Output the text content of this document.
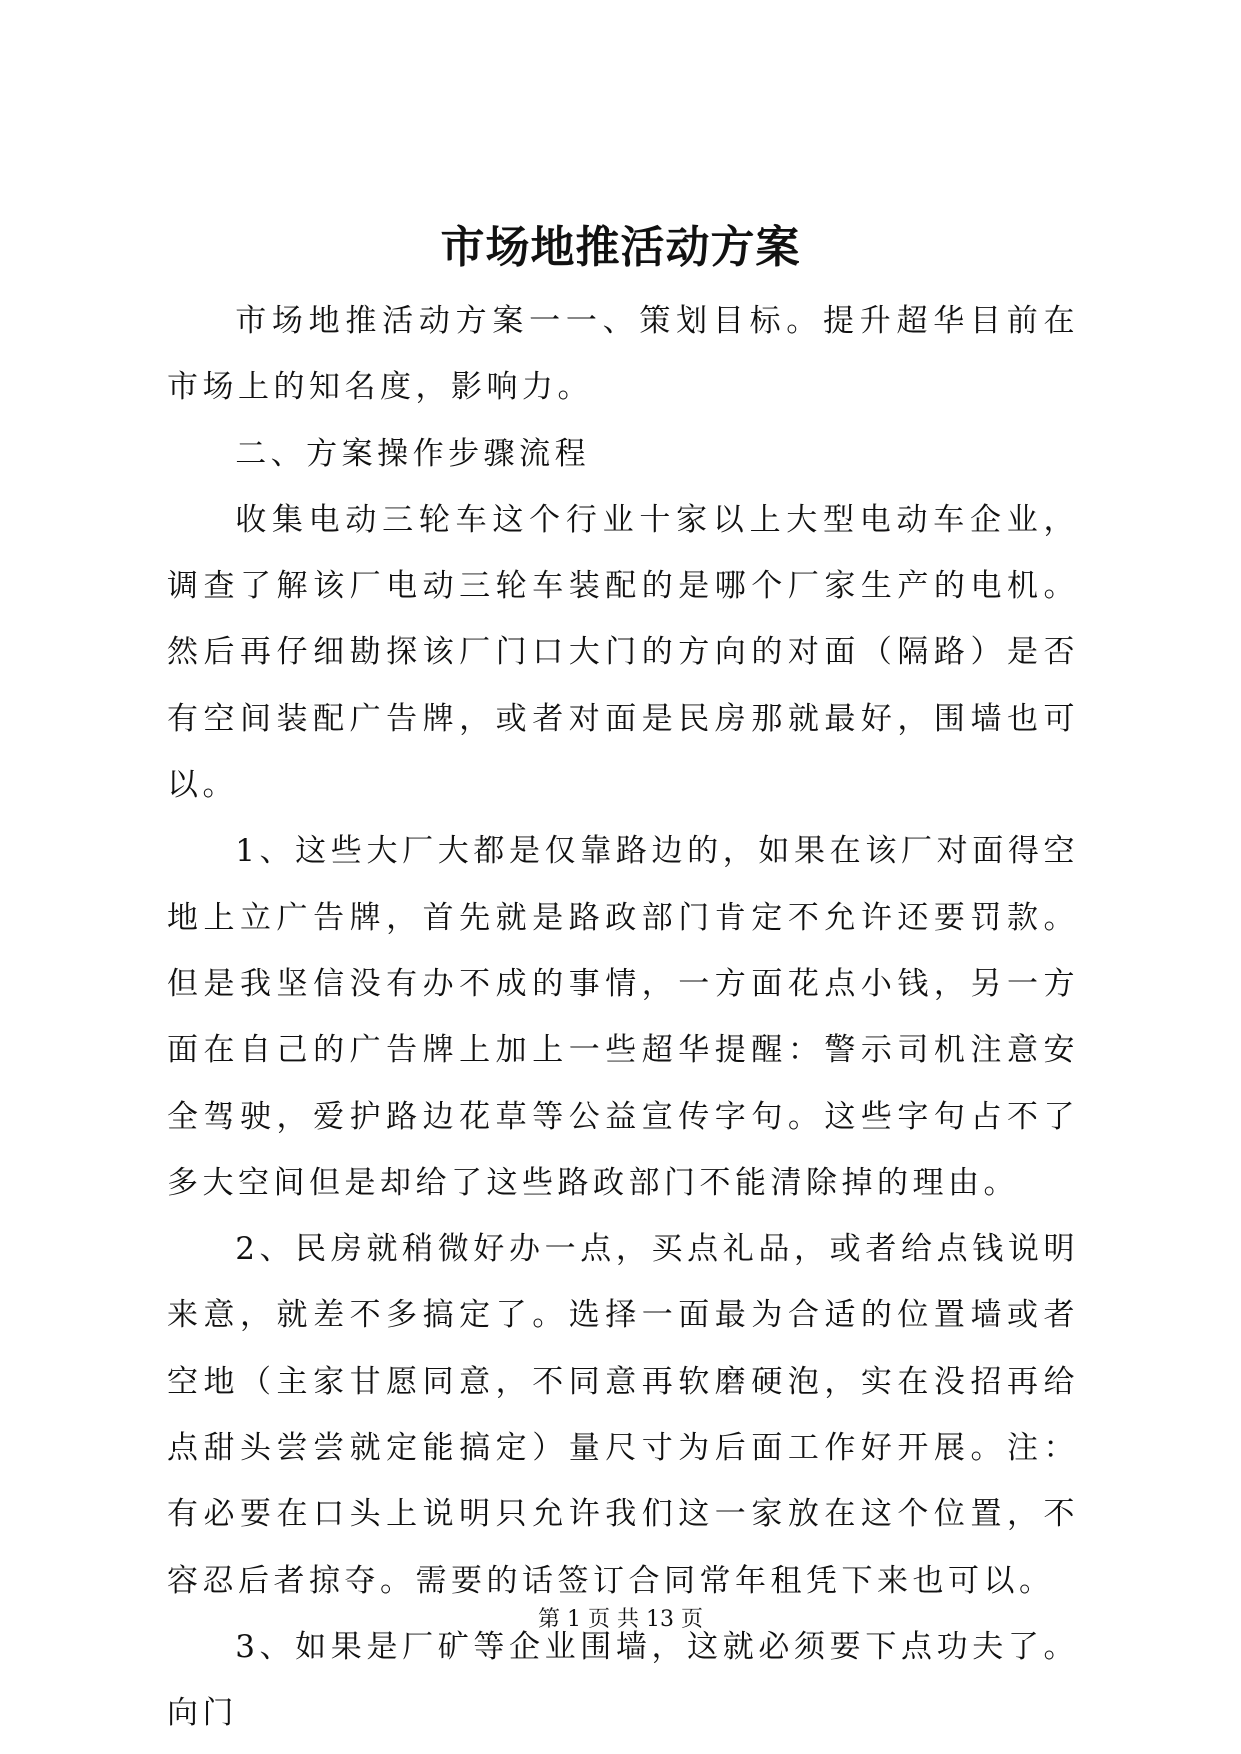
市场地推活动方案

市场地推活动方案一一、策划目标。提升超华目前在市场上的知名度，影响力。

二、方案操作步骤流程

收集电动三轮车这个行业十家以上大型电动车企业，调查了解该厂电动三轮车装配的是哪个厂家生产的电机。然后再仔细勘探该厂门口大门的方向的对面（隔路）是否有空间装配广告牌，或者对面是民房那就最好，围墙也可以。

1、这些大厂大都是仅靠路边的，如果在该厂对面得空地上立广告牌，首先就是路政部门肯定不允许还要罚款。但是我坚信没有办不成的事情，一方面花点小钱，另一方面在自己的广告牌上加上一些超华提醒：警示司机注意安全驾驶，爱护路边花草等公益宣传字句。这些字句占不了多大空间但是却给了这些路政部门不能清除掉的理由。

2、民房就稍微好办一点，买点礼品，或者给点钱说明来意，就差不多搞定了。选择一面最为合适的位置墙或者空地（主家甘愿同意，不同意再软磨硬泡，实在没招再给点甜头尝尝就定能搞定）量尺寸为后面工作好开展。注：有必要在口头上说明只允许我们这一家放在这个位置，不容忍后者掠夺。需要的话签订合同常年租凭下来也可以。

3、如果是厂矿等企业围墙，这就必须要下点功夫了。向门

第 1 页 共 13 页
